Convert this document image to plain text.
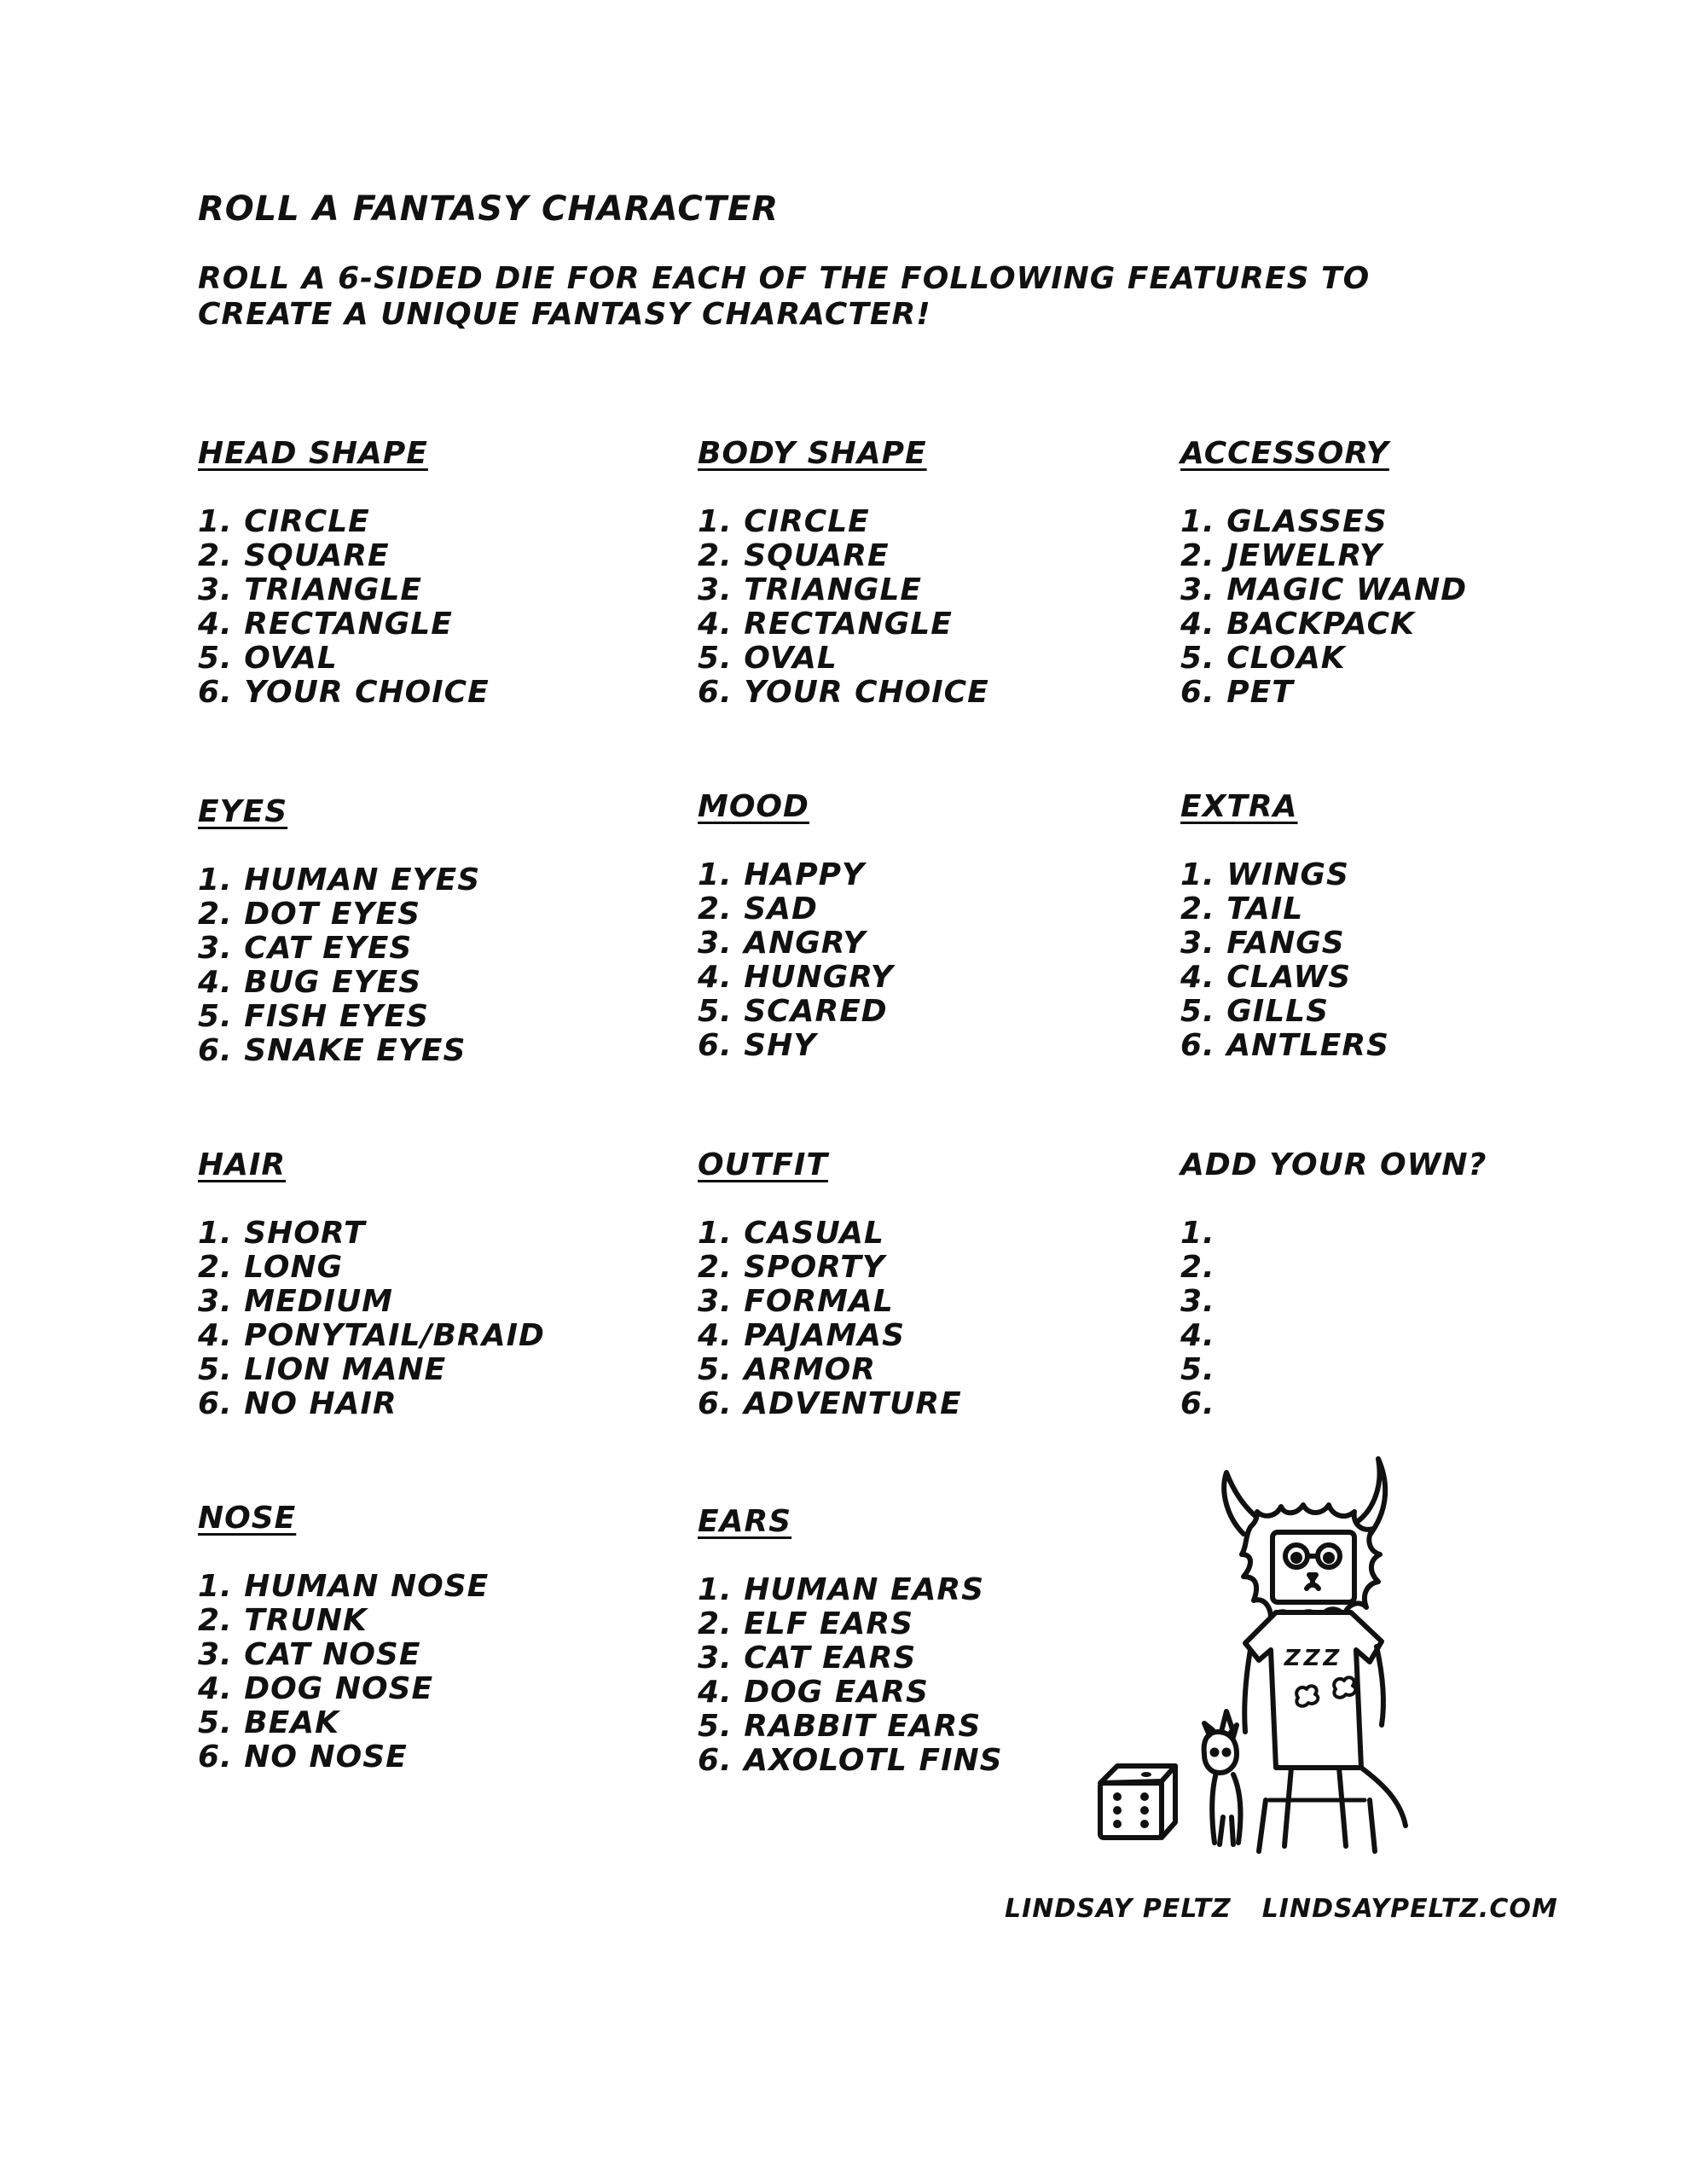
ROLL A FANTASY CHARACTER

ROLL A 6-SIDED DIE FOR EACH OF THE FOLLOWING FEATURES TO CREATE A UNIQUE FANTASY CHARACTER!

HEAD SHAPE
1. CIRCLE
2. SQUARE
3. TRIANGLE
4. RECTANGLE
5. OVAL
6. YOUR CHOICE
BODY SHAPE
1. CIRCLE
2. SQUARE
3. TRIANGLE
4. RECTANGLE
5. OVAL
6. YOUR CHOICE
ACCESSORY
1. GLASSES
2. JEWELRY
3. MAGIC WAND
4. BACKPACK
5. CLOAK
6. PET
EYES
1. HUMAN EYES
2. DOT EYES
3. CAT EYES
4. BUG EYES
5. FISH EYES
6. SNAKE EYES
MOOD
1. HAPPY
2. SAD
3. ANGRY
4. HUNGRY
5. SCARED
6. SHY
EXTRA
1. WINGS
2. TAIL
3. FANGS
4. CLAWS
5. GILLS
6. ANTLERS
HAIR
1. SHORT
2. LONG
3. MEDIUM
4. PONYTAIL/BRAID
5. LION MANE
6. NO HAIR
OUTFIT
1. CASUAL
2. SPORTY
3. FORMAL
4. PAJAMAS
5. ARMOR
6. ADVENTURE
ADD YOUR OWN?
1.
2.
3.
4.
5.
6.
NOSE
1. HUMAN NOSE
2. TRUNK
3. CAT NOSE
4. DOG NOSE
5. BEAK
6. NO NOSE
EARS
1. HUMAN EARS
2. ELF EARS
3. CAT EARS
4. DOG EARS
5. RABBIT EARS
6. AXOLOTL FINS
ZZZ
LINDSAY PELTZ LINDSAYPELTZ.COM
